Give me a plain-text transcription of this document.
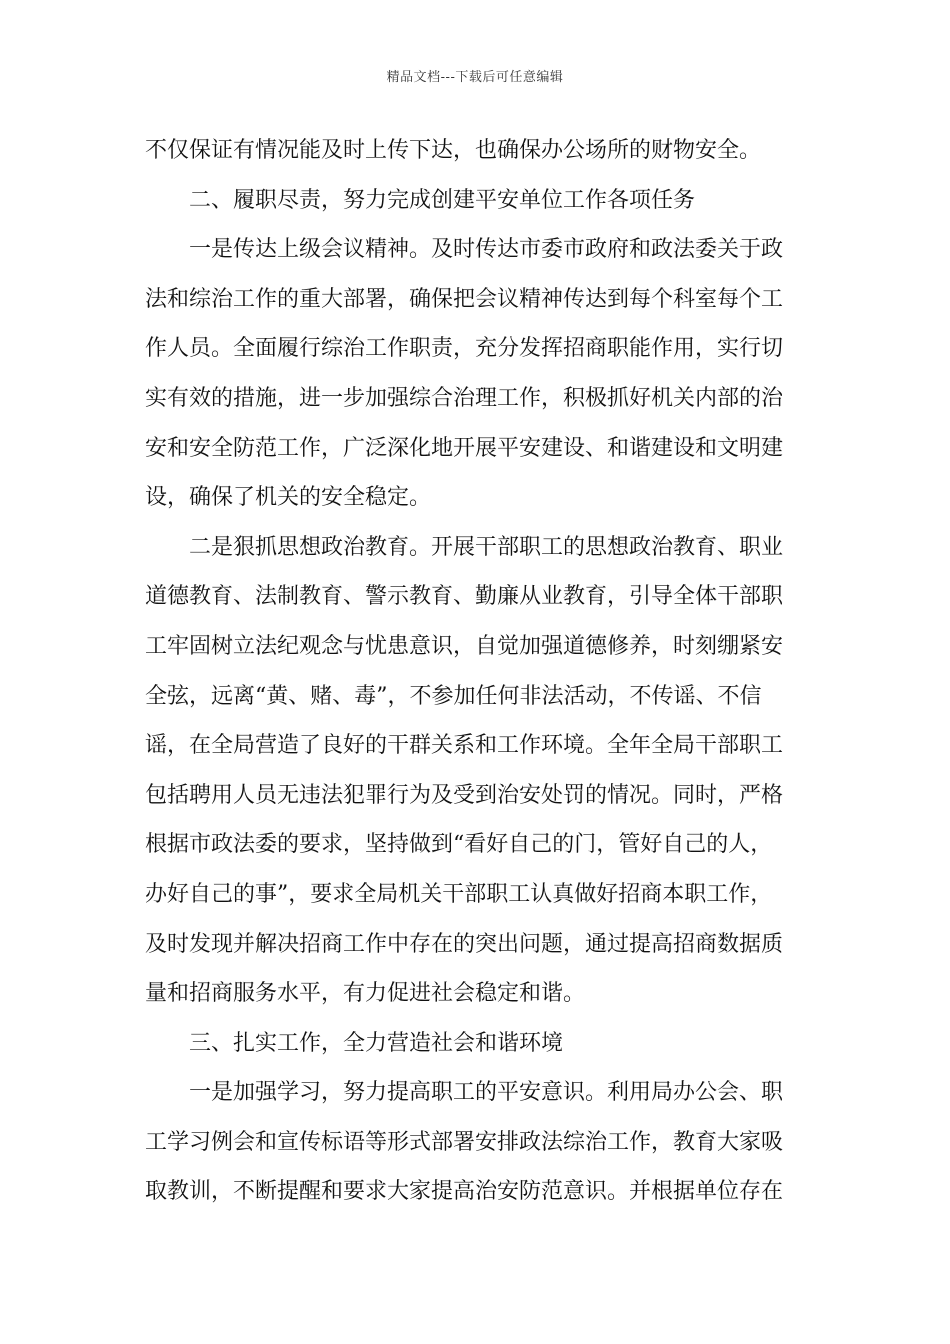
精品文档---下载后可任意编辑
不仅保证有情况能及时上传下达，也确保办公场所的财物安全。
二、履职尽责，努力完成创建平安单位工作各项任务
一是传达上级会议精神。及时传达市委市政府和政法委关于政
法和综治工作的重大部署，确保把会议精神传达到每个科室每个工
作人员。全面履行综治工作职责，充分发挥招商职能作用，实行切
实有效的措施，进一步加强综合治理工作，积极抓好机关内部的治
安和安全防范工作，广泛深化地开展平安建设、和谐建设和文明建
设，确保了机关的安全稳定。
二是狠抓思想政治教育。开展干部职工的思想政治教育、职业
道德教育、法制教育、警示教育、勤廉从业教育，引导全体干部职
工牢固树立法纪观念与忧患意识，自觉加强道德修养，时刻绷紧安
全弦，远离“黄、赌、毒”，不参加任何非法活动，不传谣、不信
谣，在全局营造了良好的干群关系和工作环境。全年全局干部职工
包括聘用人员无违法犯罪行为及受到治安处罚的情况。同时，严格
根据市政法委的要求，坚持做到“看好自己的门，管好自己的人，
办好自己的事”，要求全局机关干部职工认真做好招商本职工作，
及时发现并解决招商工作中存在的突出问题，通过提高招商数据质
量和招商服务水平，有力促进社会稳定和谐。
三、扎实工作，全力营造社会和谐环境
一是加强学习，努力提高职工的平安意识。利用局办公会、职
工学习例会和宣传标语等形式部署安排政法综治工作，教育大家吸
取教训，不断提醒和要求大家提高治安防范意识。并根据单位存在
